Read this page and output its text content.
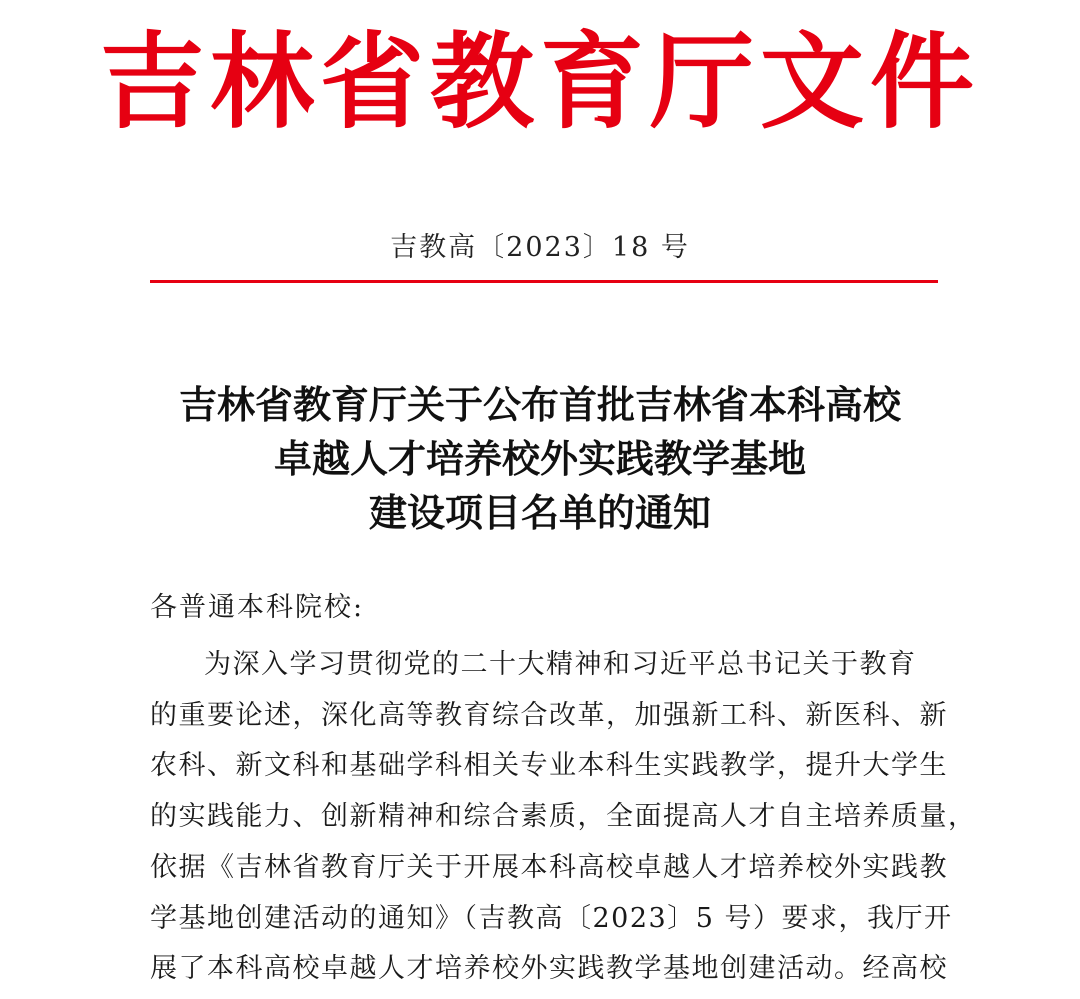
吉林省教育厅文件
吉教高〔2023〕18 号
吉林省教育厅关于公布首批吉林省本科高校
卓越人才培养校外实践教学基地
建设项目名单的通知
各普通本科院校:
为深入学习贯彻党的二十大精神和习近平总书记关于教育
的重要论述，深化高等教育综合改革，加强新工科、新医科、新
农科、新文科和基础学科相关专业本科生实践教学，提升大学生
的实践能力、创新精神和综合素质，全面提高人才自主培养质量，
依据《吉林省教育厅关于开展本科高校卓越人才培养校外实践教
学基地创建活动的通知》（吉教高〔2023〕5 号）要求，我厅开
展了本科高校卓越人才培养校外实践教学基地创建活动。经高校
